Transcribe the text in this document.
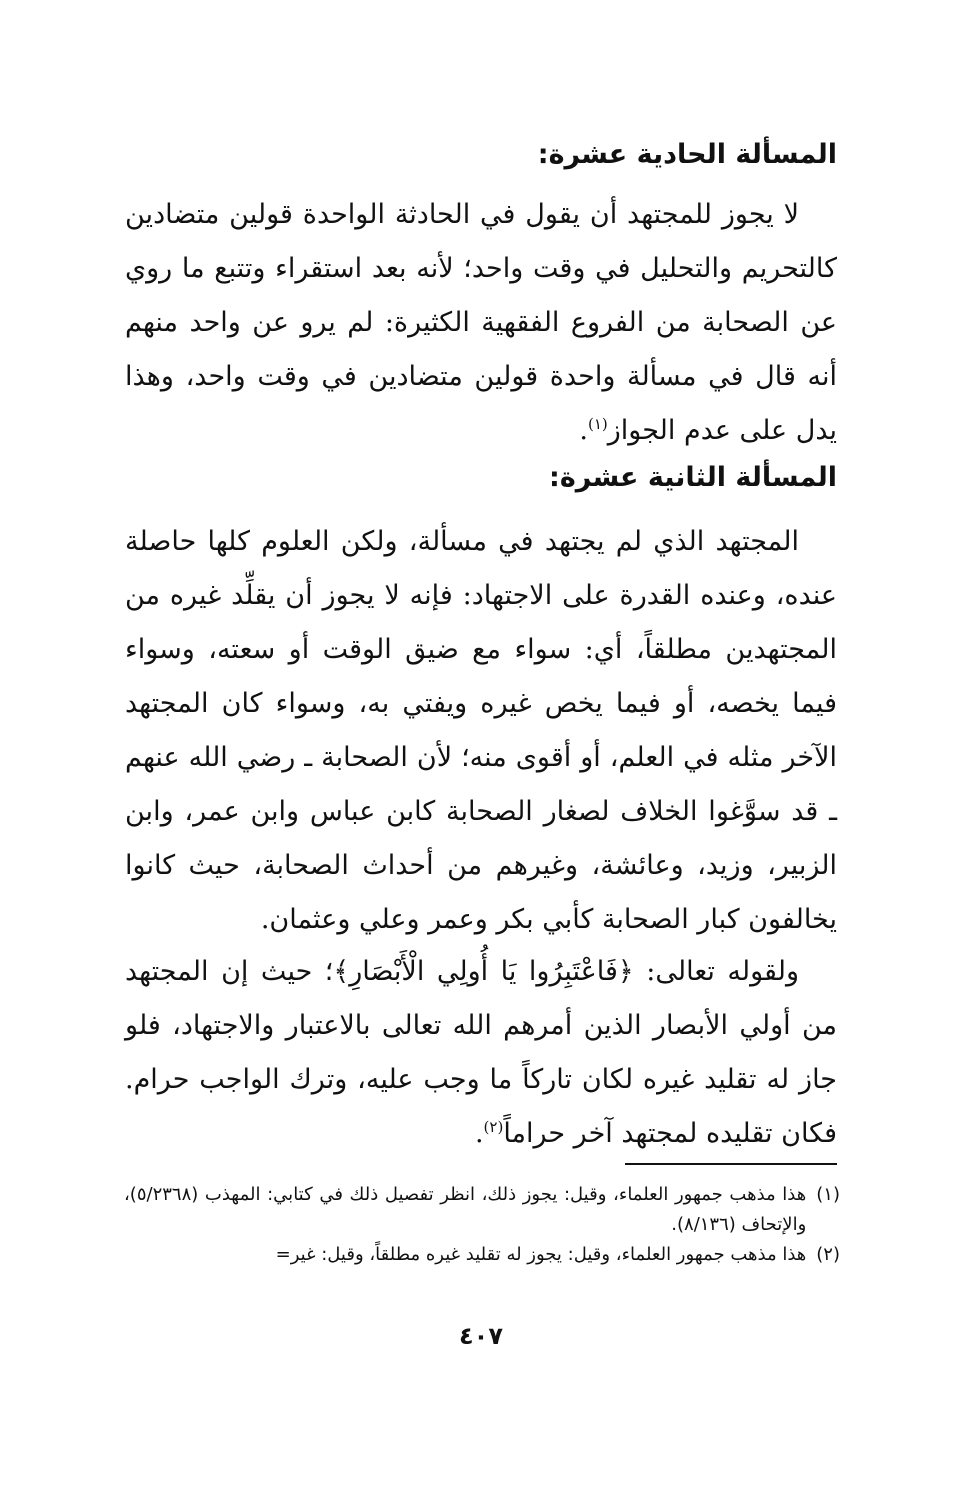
المسألة الحادية عشرة:
لا يجوز للمجتهد أن يقول في الحادثة الواحدة قولين متضادين كالتحريم والتحليل في وقت واحد؛ لأنه بعد استقراء وتتبع ما روي عن الصحابة من الفروع الفقهية الكثيرة: لم يرو عن واحد منهم أنه قال في مسألة واحدة قولين متضادين في وقت واحد، وهذا يدل على عدم الجواز$^{(١)}$.
المسألة الثانية عشرة:
المجتهد الذي لم يجتهد في مسألة، ولكن العلوم كلها حاصلة عنده، وعنده القدرة على الاجتهاد: فإنه لا يجوز أن يقلِّد غيره من المجتهدين مطلقاً، أي: سواء مع ضيق الوقت أو سعته، وسواء فيما يخصه، أو فيما يخص غيره ويفتي به، وسواء كان المجتهد الآخر مثله في العلم، أو أقوى منه؛ لأن الصحابة ـ رضي الله عنهم ـ قد سوَّغوا الخلاف لصغار الصحابة كابن عباس وابن عمر، وابن الزبير، وزيد، وعائشة، وغيرهم من أحداث الصحابة، حيث كانوا يخالفون كبار الصحابة كأبي بكر وعمر وعلي وعثمان.
ولقوله تعالى: ﴿فَاعْتَبِرُوا يَا أُولِي الْأَبْصَارِ﴾؛ حيث إن المجتهد من أولي الأبصار الذين أمرهم الله تعالى بالاعتبار والاجتهاد، فلو جاز له تقليد غيره لكان تاركاً ما وجب عليه، وترك الواجب حرام. فكان تقليده لمجتهد آخر حراماً$^{(٢)}$.
(١)
هذا مذهب جمهور العلماء، وقيل: يجوز ذلك، انظر تفصيل ذلك في كتابي: المهذب (٥/٢٣٦٨)، والإتحاف (٨/١٣٦).
(٢)
هذا مذهب جمهور العلماء، وقيل: يجوز له تقليد غيره مطلقاً، وقيل: غير=
٤٠٧
